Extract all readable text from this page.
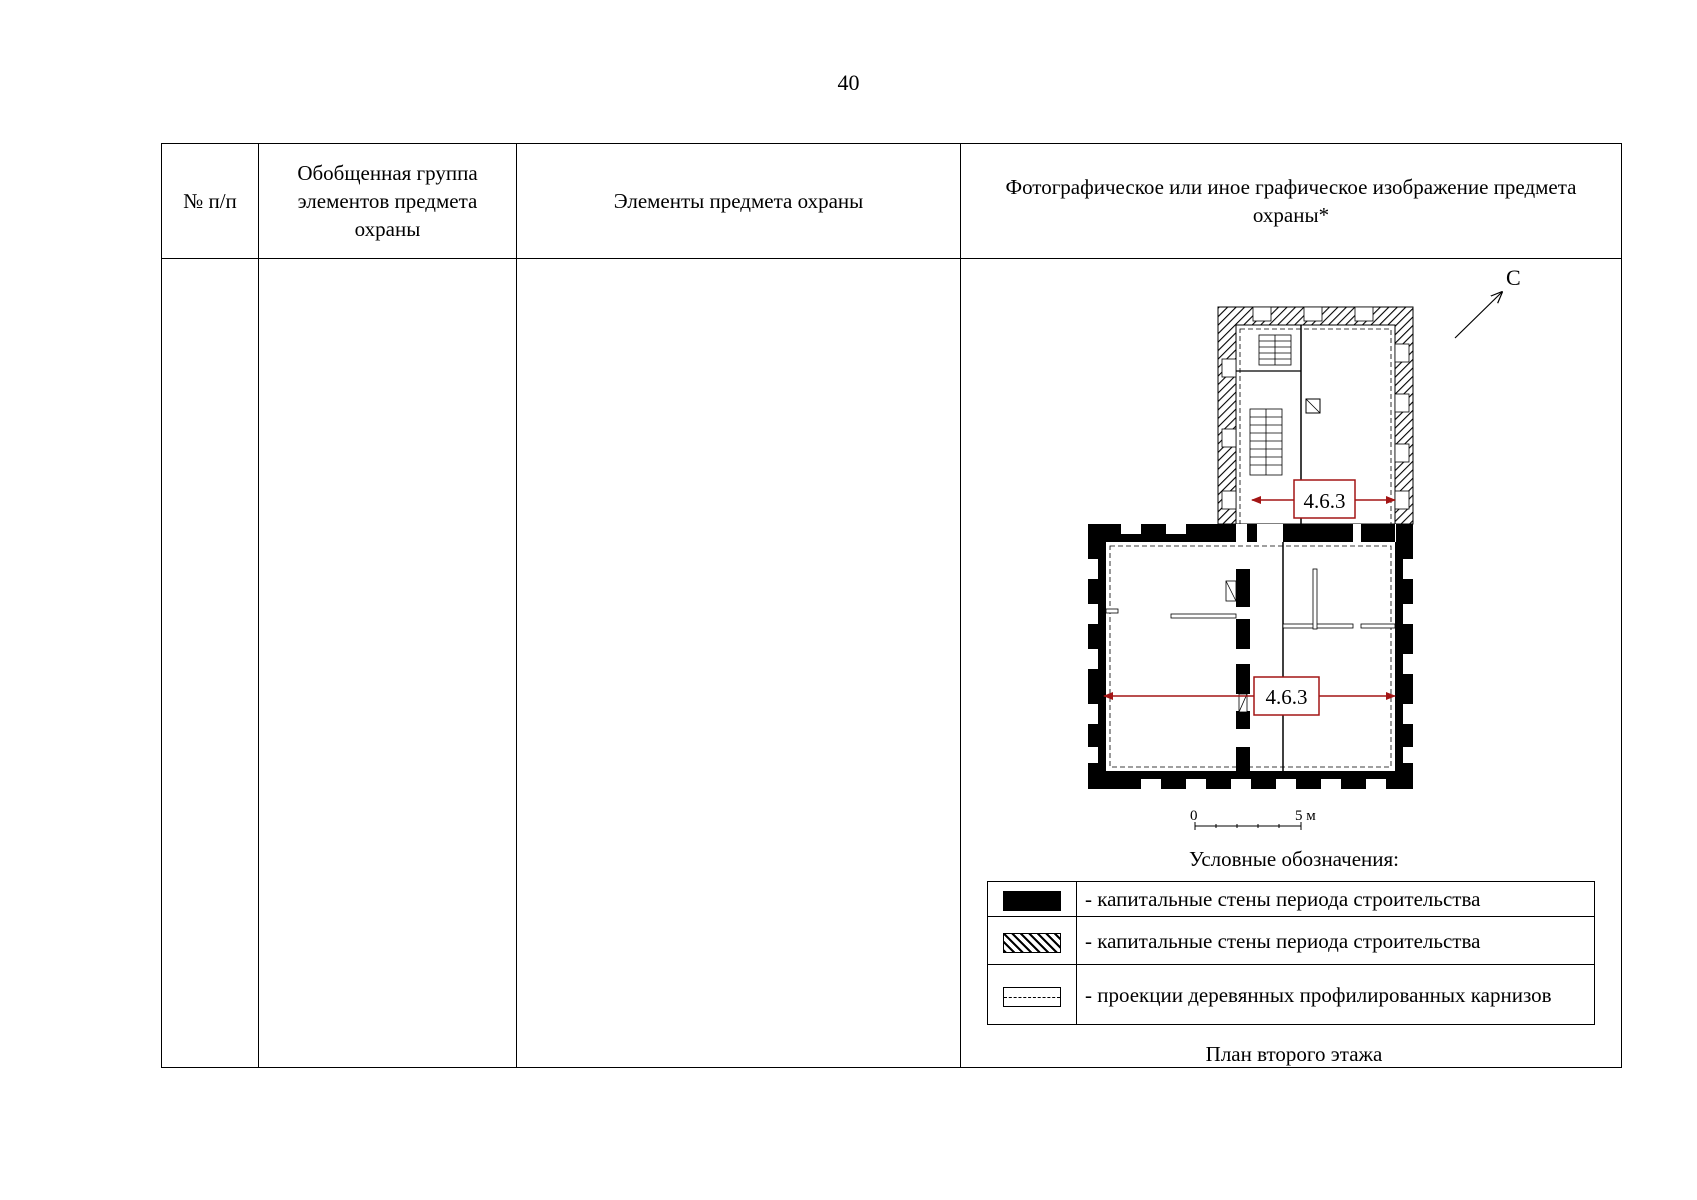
40
№ п/п	Обобщенная группа элементов предмета охраны	Элементы предмета охраны	Фотографическое или иное графическое изображение предмета охраны*

С
4.6.3
4.6.3
0	5 м
Условные обозначения:
	- капитальные стены периода строительства
	- капитальные стены периода строительства
	- проекции деревянных профилированных карнизов
План второго этажа
